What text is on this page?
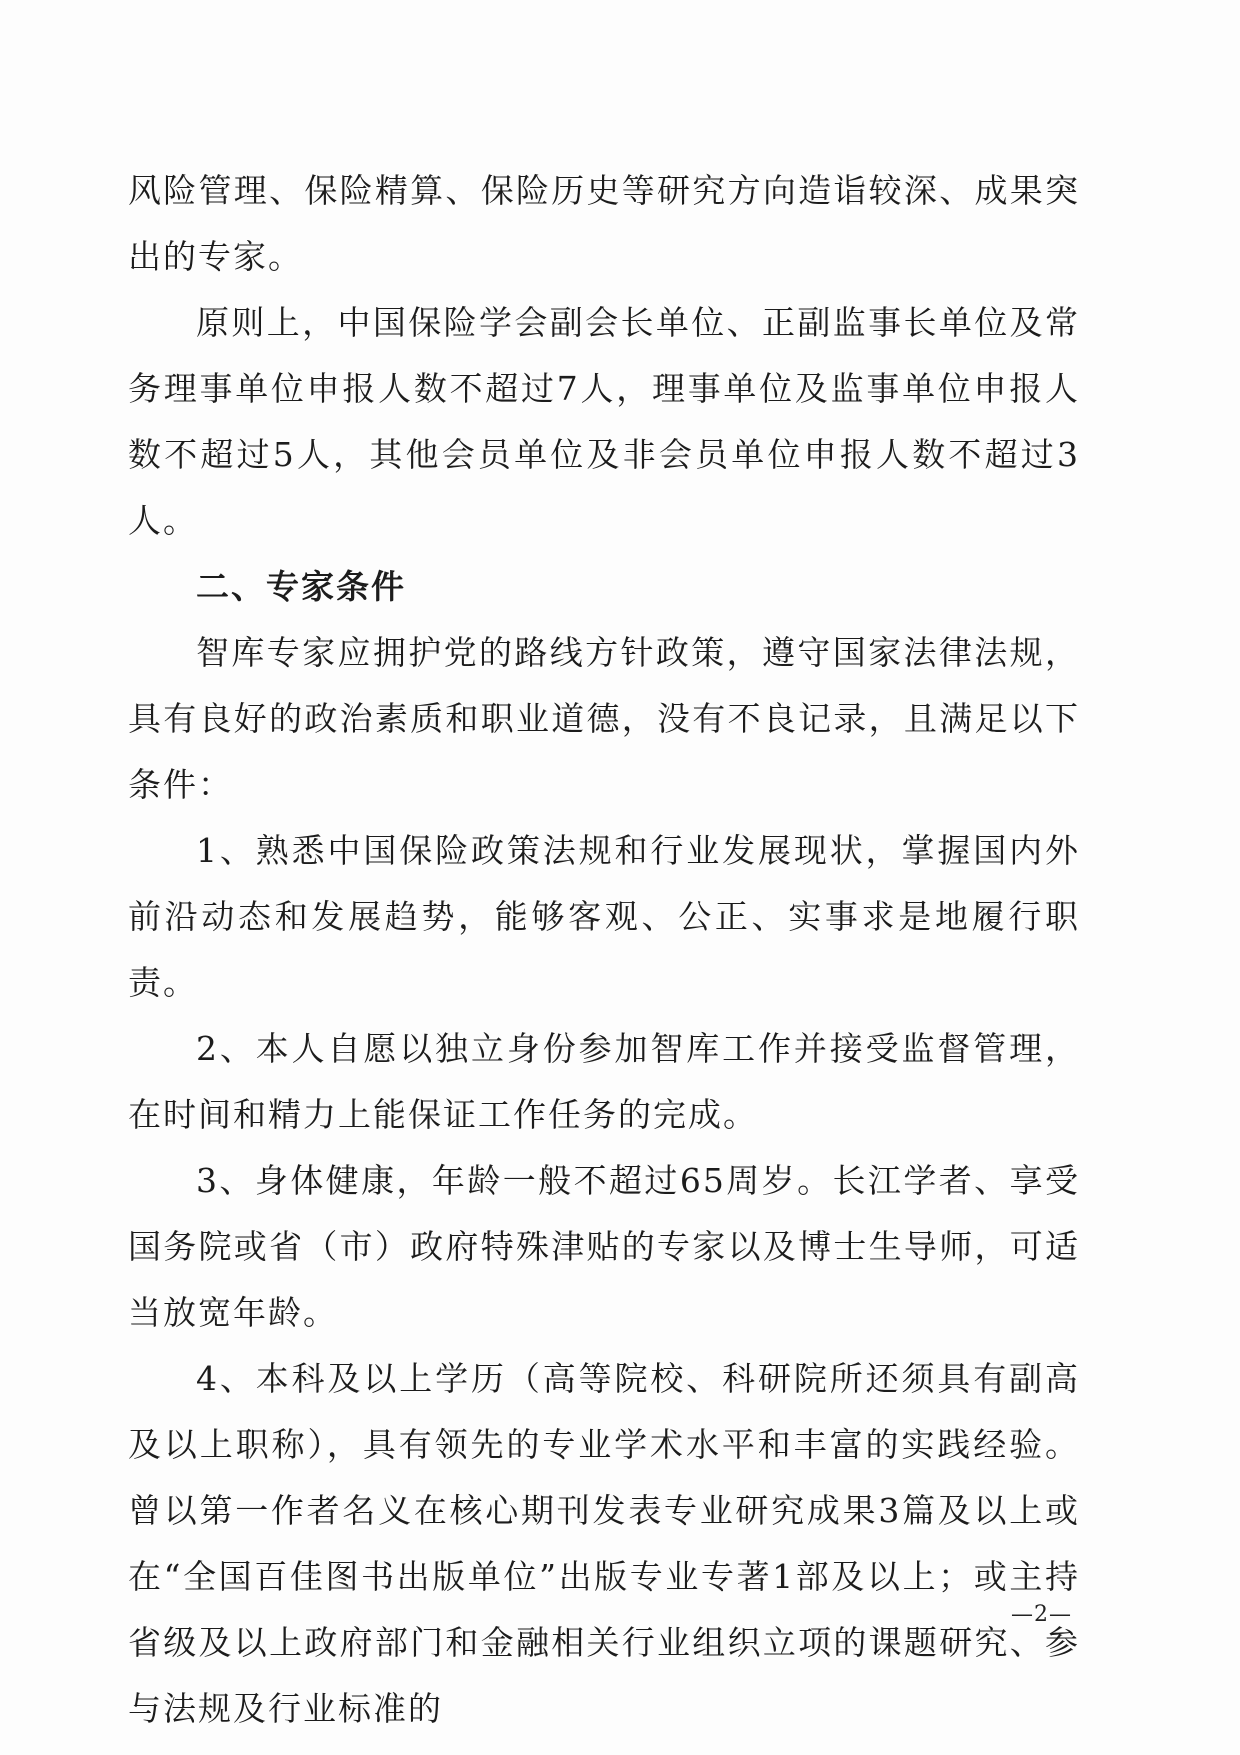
风险管理、保险精算、保险历史等研究方向造诣较深、成果突出的专家。

原则上，中国保险学会副会长单位、正副监事长单位及常务理事单位申报人数不超过7人，理事单位及监事单位申报人数不超过5人，其他会员单位及非会员单位申报人数不超过3人。

二、专家条件

智库专家应拥护党的路线方针政策，遵守国家法律法规，具有良好的政治素质和职业道德，没有不良记录，且满足以下条件：

1、熟悉中国保险政策法规和行业发展现状，掌握国内外前沿动态和发展趋势，能够客观、公正、实事求是地履行职责。

2、本人自愿以独立身份参加智库工作并接受监督管理，在时间和精力上能保证工作任务的完成。

3、身体健康，年龄一般不超过65周岁。长江学者、享受国务院或省（市）政府特殊津贴的专家以及博士生导师，可适当放宽年龄。

4、本科及以上学历（高等院校、科研院所还须具有副高及以上职称），具有领先的专业学术水平和丰富的实践经验。曾以第一作者名义在核心期刊发表专业研究成果3篇及以上或在“全国百佳图书出版单位”出版专业专著1部及以上；或主持省级及以上政府部门和金融相关行业组织立项的课题研究、参与法规及行业标准的

—2—
